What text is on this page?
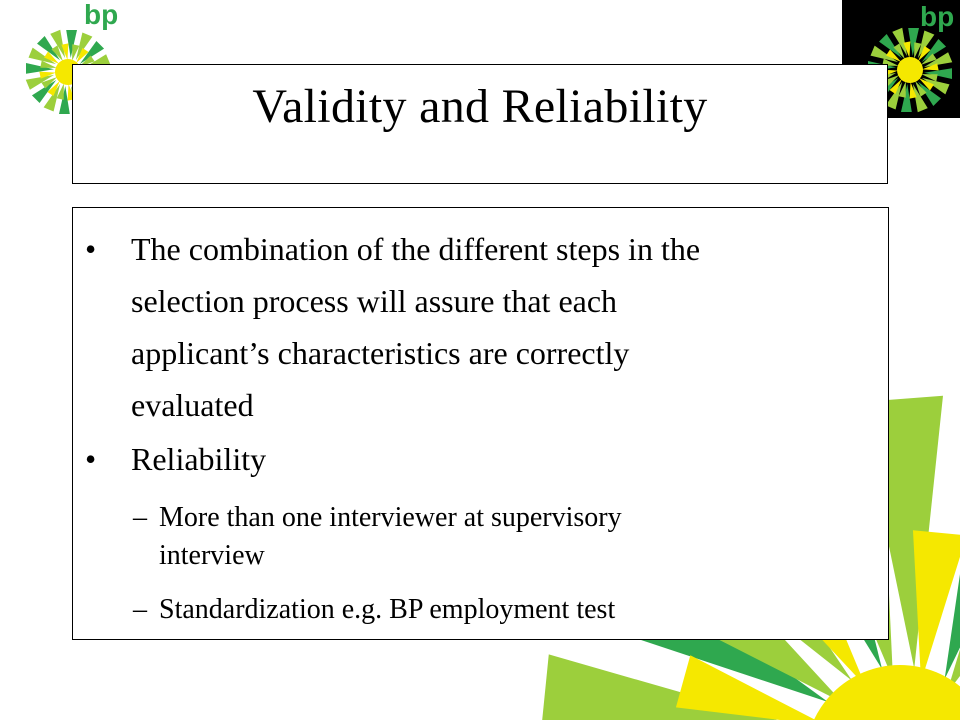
bp	bp
Validity and Reliability
• The combination of the different steps in the
selection process will assure that each
applicant’s characteristics are correctly
evaluated
• Reliability
– More than one interviewer at supervisory
interview
– Standardization e.g. BP employment test
